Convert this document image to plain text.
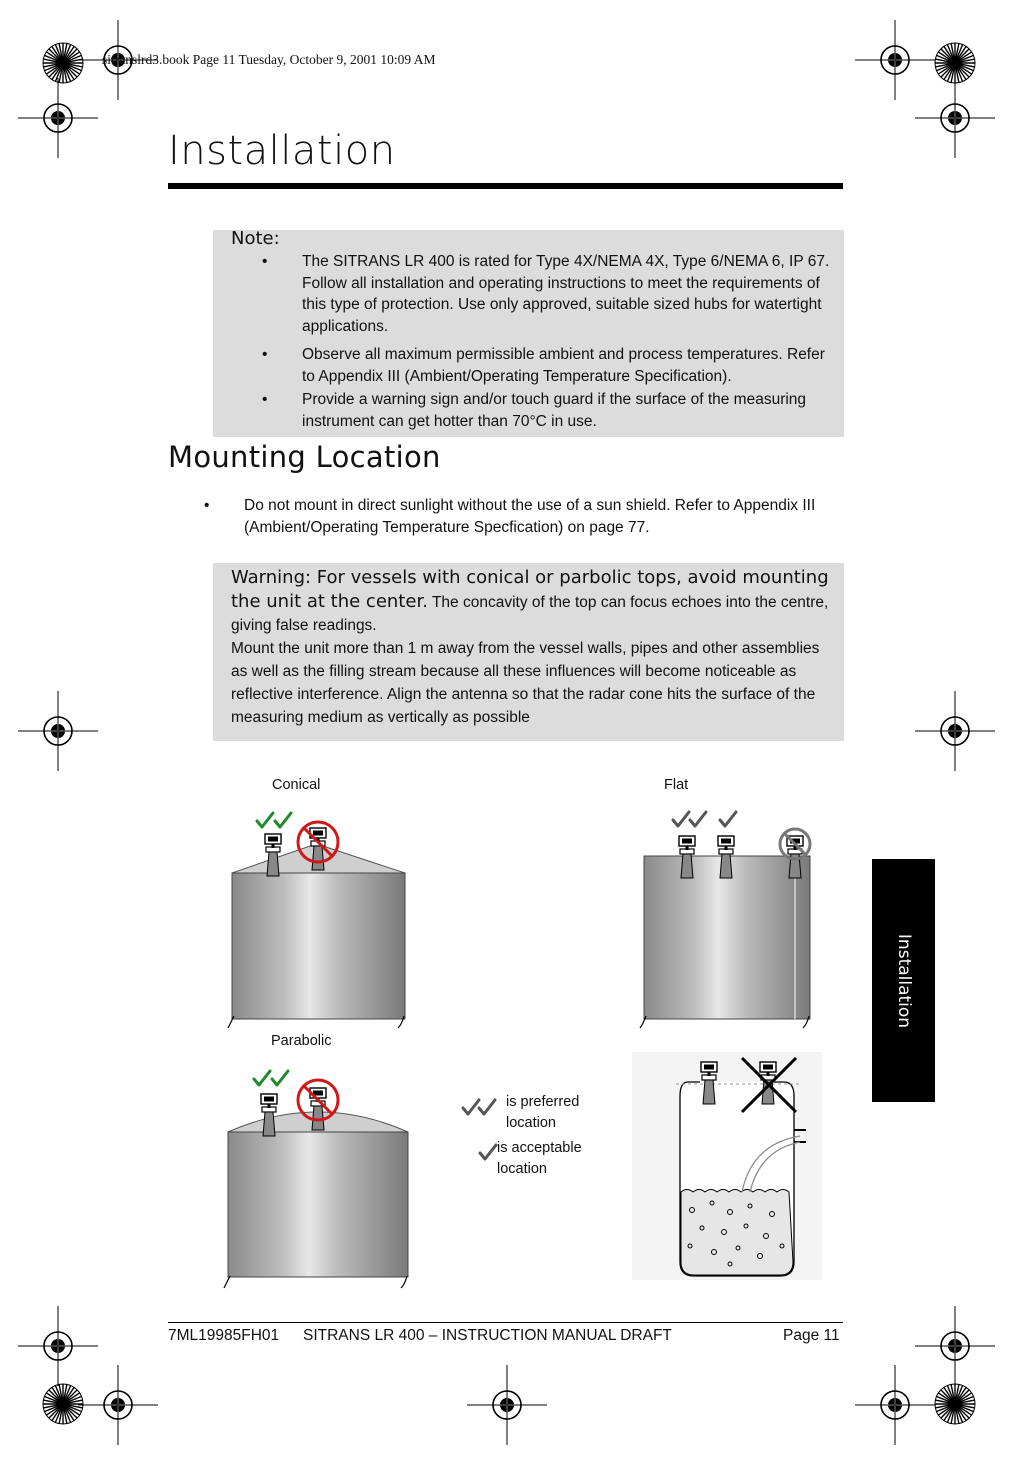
sitranslrd3.book Page 11 Tuesday, October 9, 2001 10:09 AM
Installation
Note:
• The SITRANS LR 400 is rated for Type 4X/NEMA 4X, Type 6/NEMA 6, IP 67. Follow all installation and operating instructions to meet the requirements of this type of protection. Use only approved, suitable sized hubs for watertight applications.
• Observe all maximum permissible ambient and process temperatures. Refer to Appendix III (Ambient/Operating Temperature Specification).
• Provide a warning sign and/or touch guard if the surface of the measuring instrument can get hotter than 70°C in use.
Mounting Location
• Do not mount in direct sunlight without the use of a sun shield. Refer to Appendix III (Ambient/Operating Temperature Specfication) on page 77.
Warning: For vessels with conical or parbolic tops, avoid mounting the unit at the center. The concavity of the top can focus echoes into the centre, giving false readings.
Mount the unit more than 1 m away from the vessel walls, pipes and other assemblies as well as the filling stream because all these influences will become noticeable as reflective interference. Align the antenna so that the radar cone hits the surface of the measuring medium as vertically as possible
Installation
Conical	Flat
Parabolic
is preferred location
is acceptable location
7ML19985FH01 SITRANS LR 400 – INSTRUCTION MANUAL DRAFT	Page 11
